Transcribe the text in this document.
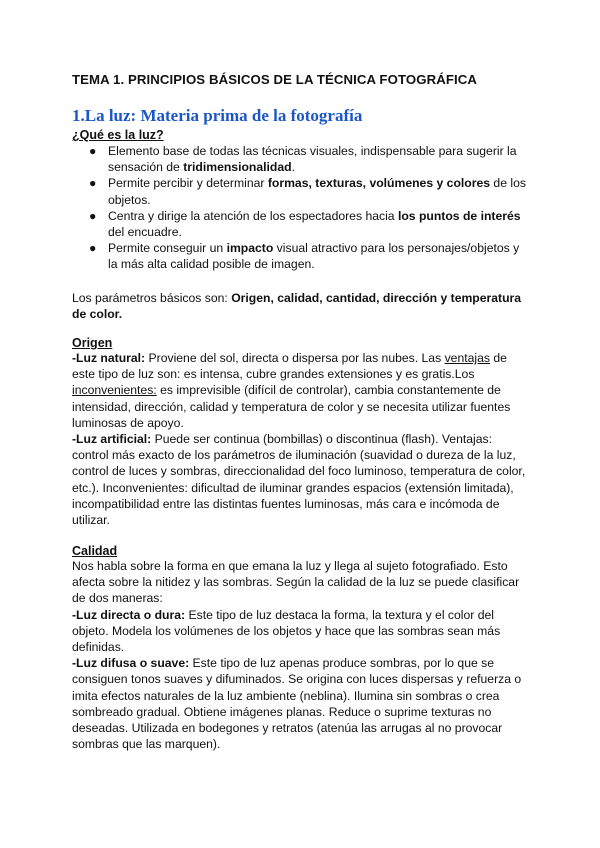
TEMA 1. PRINCIPIOS BÁSICOS DE LA TÉCNICA FOTOGRÁFICA
1.La luz: Materia prima de la fotografía
¿Qué es la luz?
● Elemento base de todas las técnicas visuales, indispensable para sugerir la sensación de tridimensionalidad.
● Permite percibir y determinar formas, texturas, volúmenes y colores de los objetos.
● Centra y dirige la atención de los espectadores hacia los puntos de interés del encuadre.
● Permite conseguir un impacto visual atractivo para los personajes/objetos y la más alta calidad posible de imagen.

Los parámetros básicos son: Origen, calidad, cantidad, dirección y temperatura de color.

Origen

-Luz natural: Proviene del sol, directa o dispersa por las nubes. Las ventajas de este tipo de luz son: es intensa, cubre grandes extensiones y es gratis.Los inconvenientes: es imprevisible (difícil de controlar), cambia constantemente de intensidad, dirección, calidad y temperatura de color y se necesita utilizar fuentes luminosas de apoyo.

-Luz artificial: Puede ser continua (bombillas) o discontinua (flash). Ventajas: control más exacto de los parámetros de iluminación (suavidad o dureza de la luz, control de luces y sombras, direccionalidad del foco luminoso, temperatura de color, etc.). Inconvenientes: dificultad de iluminar grandes espacios (extensión limitada), incompatibilidad entre las distintas fuentes luminosas, más cara e incómoda de utilizar.

Calidad

Nos habla sobre la forma en que emana la luz y llega al sujeto fotografiado. Esto afecta sobre la nitidez y las sombras. Según la calidad de la luz se puede clasificar de dos maneras:

-Luz directa o dura: Este tipo de luz destaca la forma, la textura y el color del objeto. Modela los volúmenes de los objetos y hace que las sombras sean más definidas.

-Luz difusa o suave: Este tipo de luz apenas produce sombras, por lo que se consiguen tonos suaves y difuminados. Se origina con luces dispersas y refuerza o imita efectos naturales de la luz ambiente (neblina). Ilumina sin sombras o crea sombreado gradual. Obtiene imágenes planas. Reduce o suprime texturas no deseadas. Utilizada en bodegones y retratos (atenúa las arrugas al no provocar sombras que las marquen).
